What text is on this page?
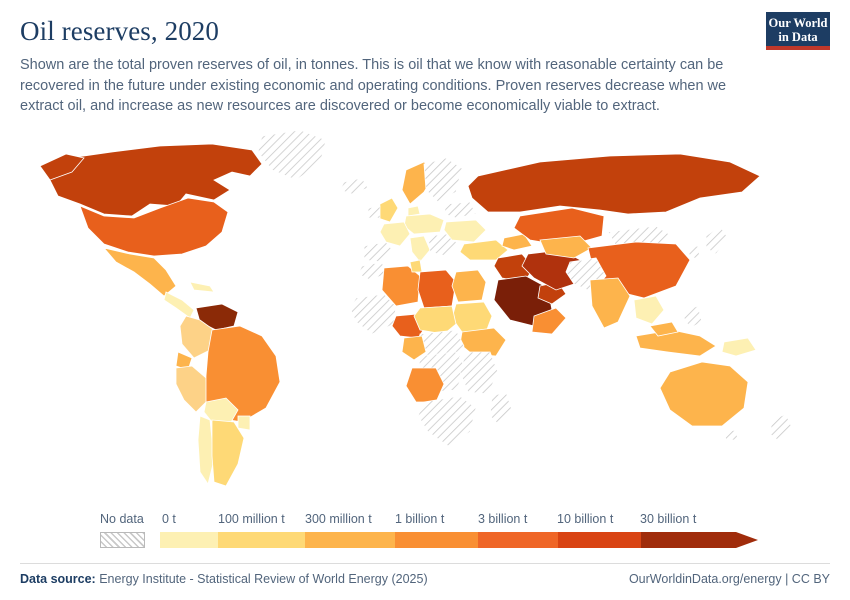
Our World
in Data
Oil reserves, 2020

Shown are the total proven reserves of oil, in tonnes. This is oil that we know with reasonable certainty can be recovered in the future under existing economic and operating conditions. Proven reserves decrease when we extract oil, and increase as new resources are discovered or become economically viable to extract.

No data 0 t	100 million t 300 million t 1 billion t	3 billion t 10 billion t 30 billion t
Data source: Energy Institute - Statistical Review of World Energy (2025)	OurWorldinData.org/energy | CC BY
